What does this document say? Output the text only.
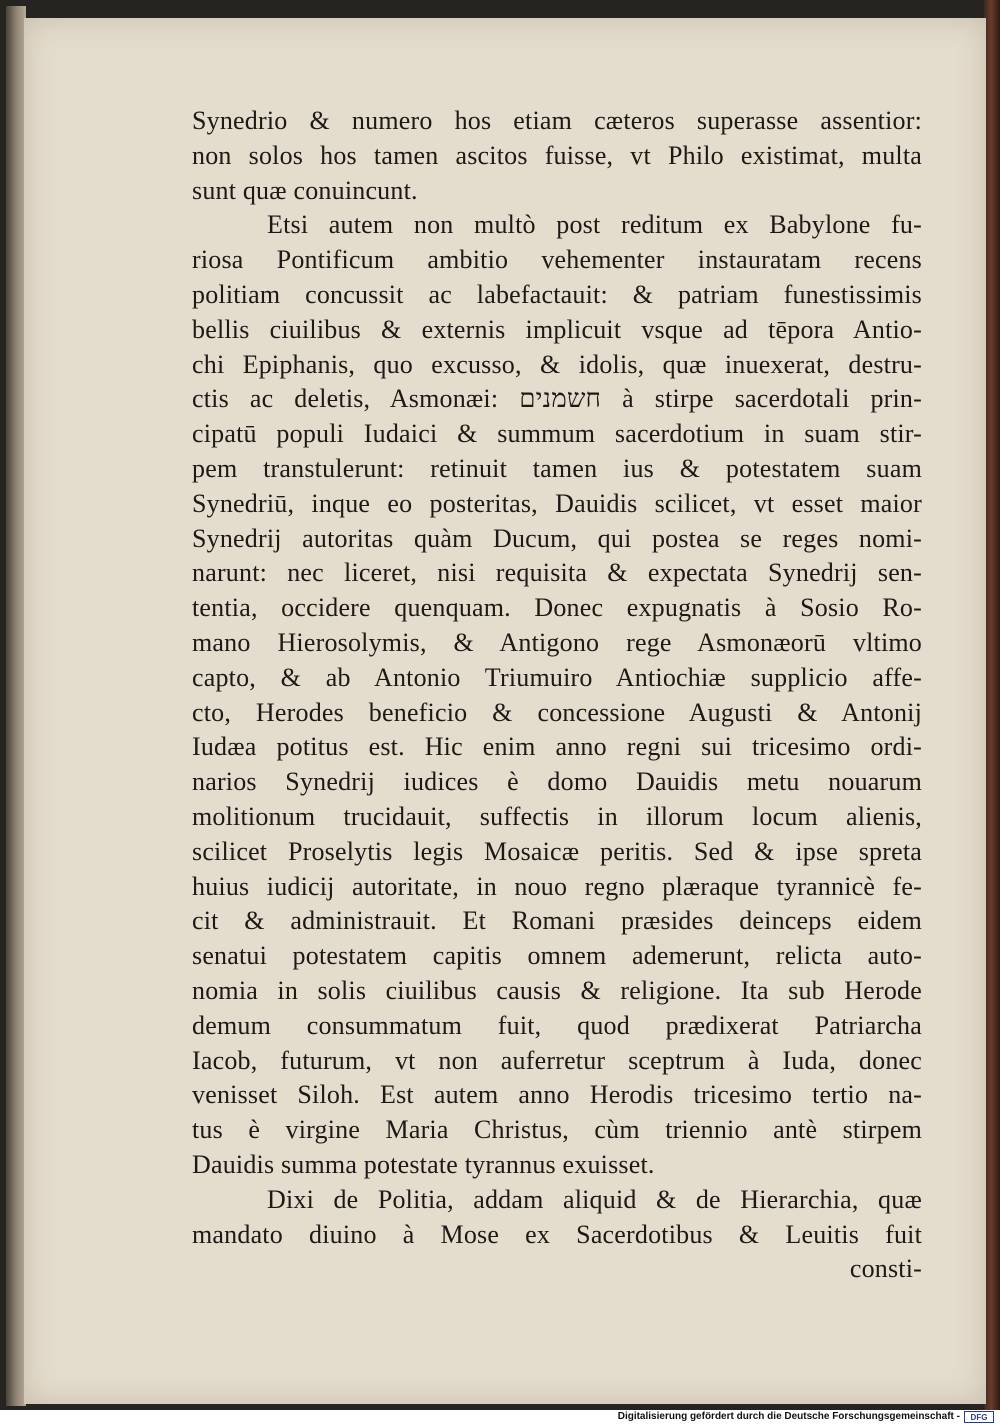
Synedrio & numero hos etiam cæteros superasse assentior:
non solos hos tamen ascitos fuisse, vt Philo existimat, multa
sunt quæ conuincunt.
Etsi autem non multò post reditum ex Babylone fu-
riosa Pontificum ambitio vehementer instauratam recens
politiam concussit ac labefactauit: & patriam funestissimis
bellis ciuilibus & externis implicuit vsque ad tēpora Antio-
chi Epiphanis, quo excusso, & idolis, quæ inuexerat, destru-
ctis ac deletis, Asmonæi: חשמנים à stirpe sacerdotali prin-
cipatū populi Iudaici & summum sacerdotium in suam stir-
pem transtulerunt: retinuit tamen ius & potestatem suam
Synedriū, inque eo posteritas, Dauidis scilicet, vt esset maior
Synedrij autoritas quàm Ducum, qui postea se reges nomi-
narunt: nec liceret, nisi requisita & expectata Synedrij sen-
tentia, occidere quenquam. Donec expugnatis à Sosio Ro-
mano Hierosolymis, & Antigono rege Asmonæorū vltimo
capto, & ab Antonio Triumuiro Antiochiæ supplicio affe-
cto, Herodes beneficio & concessione Augusti & Antonij
Iudæa potitus est. Hic enim anno regni sui tricesimo ordi-
narios Synedrij iudices è domo Dauidis metu nouarum
molitionum trucidauit, suffectis in illorum locum alienis,
scilicet Proselytis legis Mosaicæ peritis. Sed & ipse spreta
huius iudicij autoritate, in nouo regno plæraque tyrannicè fe-
cit & administrauit. Et Romani præsides deinceps eidem
senatui potestatem capitis omnem ademerunt, relicta auto-
nomia in solis ciuilibus causis & religione. Ita sub Herode
demum consummatum fuit, quod prædixerat Patriarcha
Iacob, futurum, vt non auferretur sceptrum à Iuda, donec
venisset Siloh. Est autem anno Herodis tricesimo tertio na-
tus è virgine Maria Christus, cùm triennio antè stirpem
Dauidis summa potestate tyrannus exuisset.
Dixi de Politia, addam aliquid & de Hierarchia, quæ
mandato diuino à Mose ex Sacerdotibus & Leuitis fuit
consti-
Digitalisierung gefördert durch die Deutsche Forschungsgemeinschaft -	DFG
